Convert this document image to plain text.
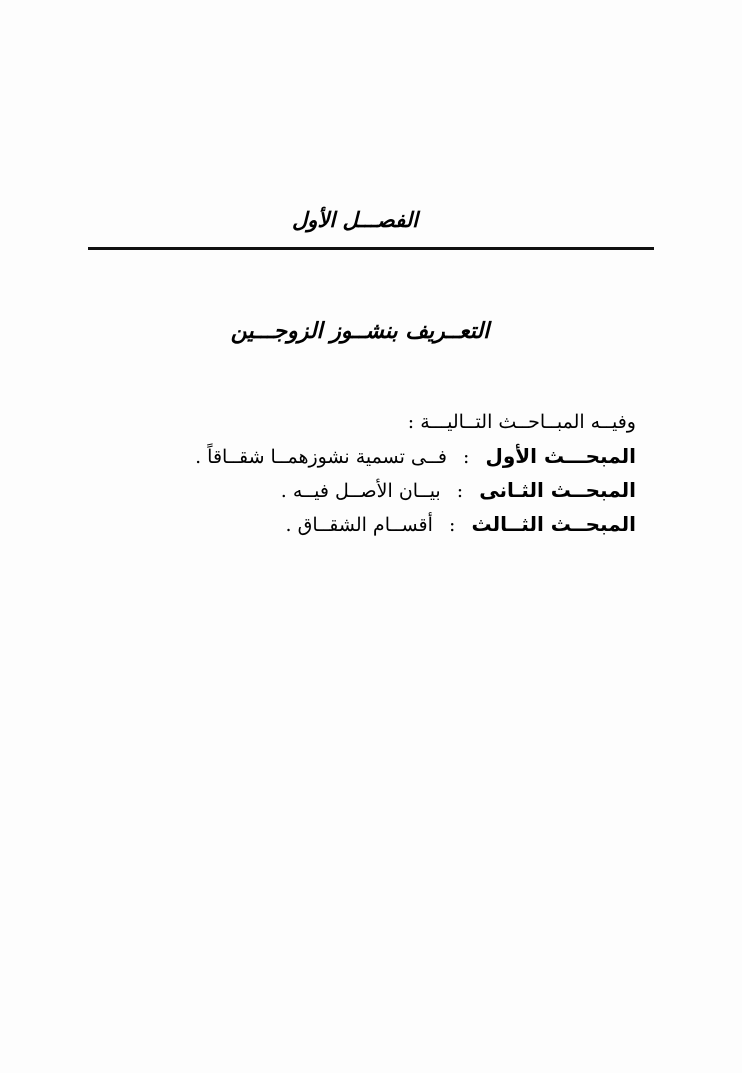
الفصـــل الأول
التعــريف بنشــوز الزوجـــين
وفيــه المبــاحــث التــاليـــة :
المبحـــث الأول : فــى تسمية نشوزهمــا شقــاقاً .
المبحــث الثـانى : بيــان الأصــل فيــه .
المبحــث الثــالث : أقســام الشقــاق .
